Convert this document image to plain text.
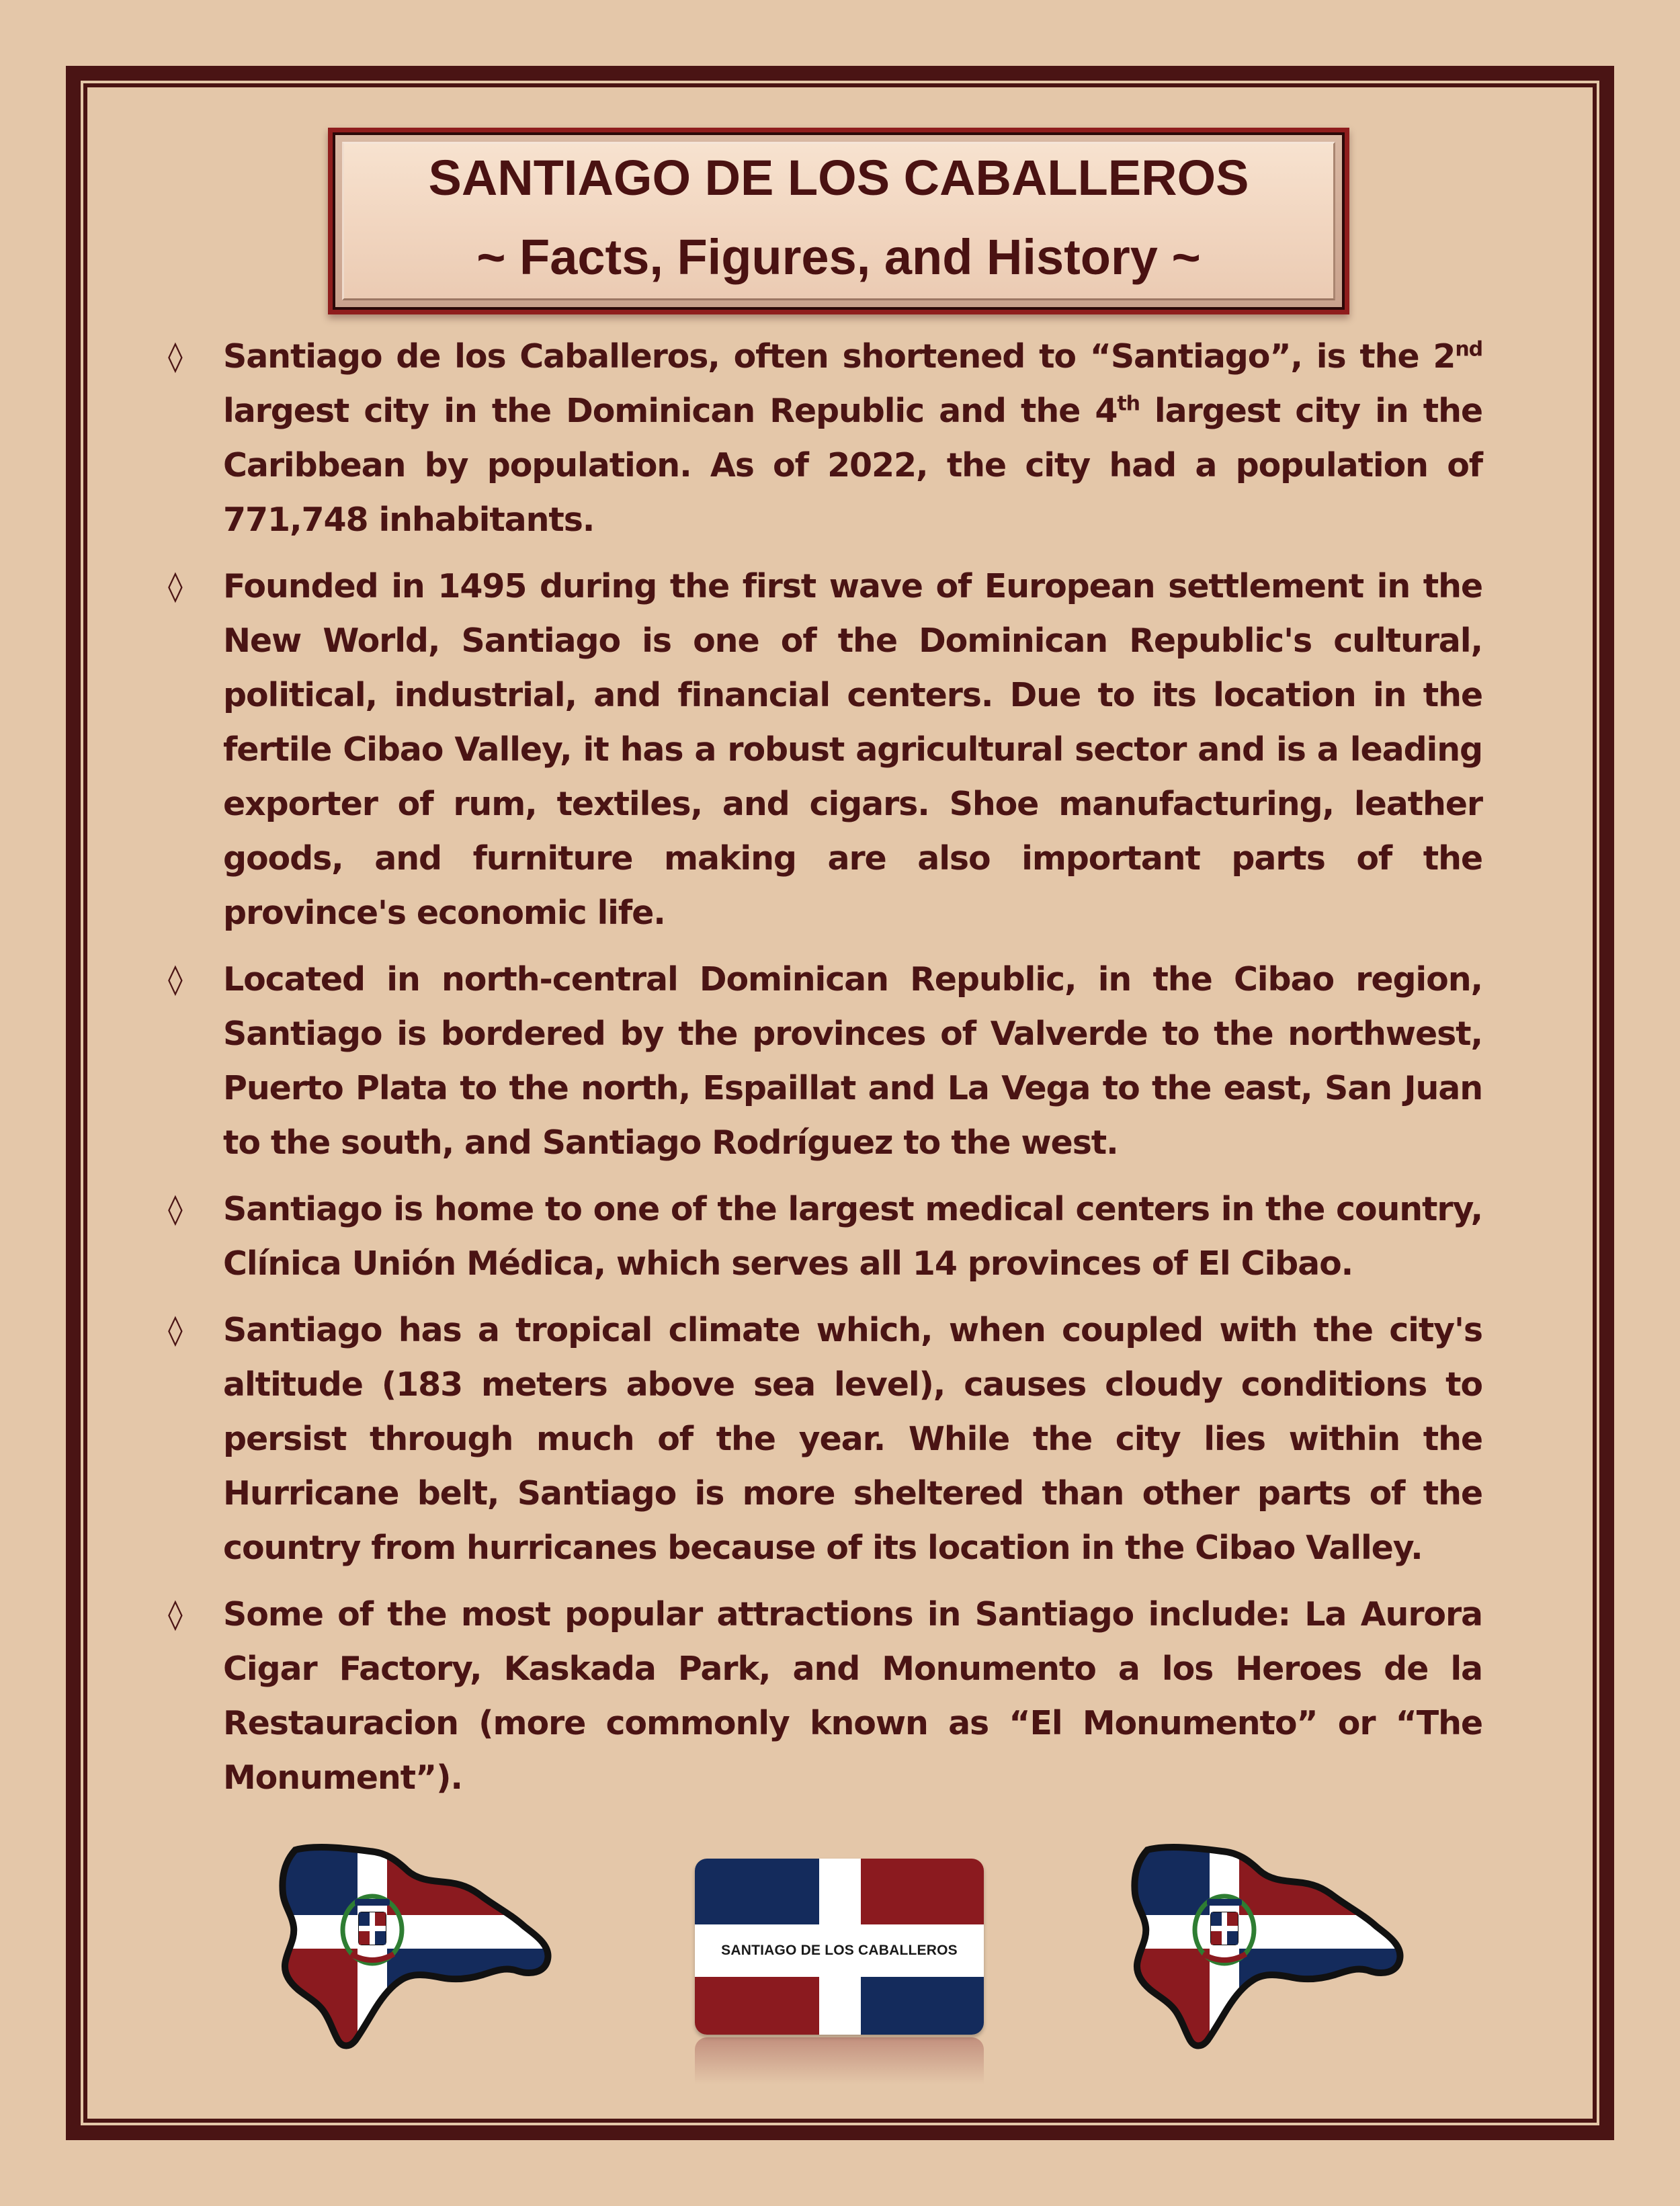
SANTIAGO DE LOS CABALLEROS
~ Facts, Figures, and History ~
◊ Santiago de los Caballeros, often shortened to “Santiago”, is the 2nd largest city in the Dominican Republic and the 4th largest city in the Caribbean by population. As of 2022, the city had a population of 771,748 inhabitants.
◊ Founded in 1495 during the first wave of European settlement in the New World, Santiago is one of the Dominican Republic's cultural, political, industrial, and financial centers. Due to its location in the fertile Cibao Valley, it has a robust agricultural sector and is a leading exporter of rum, textiles, and cigars. Shoe manufacturing, leather goods, and furniture making are also important parts of the province's economic life.
◊ Located in north-central Dominican Republic, in the Cibao region, Santiago is bordered by the provinces of Valverde to the northwest, Puerto Plata to the north, Espaillat and La Vega to the east, San Juan to the south, and Santiago Rodríguez to the west.
◊ Santiago is home to one of the largest medical centers in the country, Clínica Unión Médica, which serves all 14 provinces of El Cibao.
◊ Santiago has a tropical climate which, when coupled with the city's altitude (183 meters above sea level), causes cloudy conditions to persist through much of the year. While the city lies within the Hurricane belt, Santiago is more sheltered than other parts of the country from hurricanes because of its location in the Cibao Valley.
◊ Some of the most popular attractions in Santiago include: La Aurora Cigar Factory, Kaskada Park, and Monumento a los Heroes de la Restauracion (more commonly known as “El Monumento” or “The Monument”).
SANTIAGO DE LOS CABALLEROS
